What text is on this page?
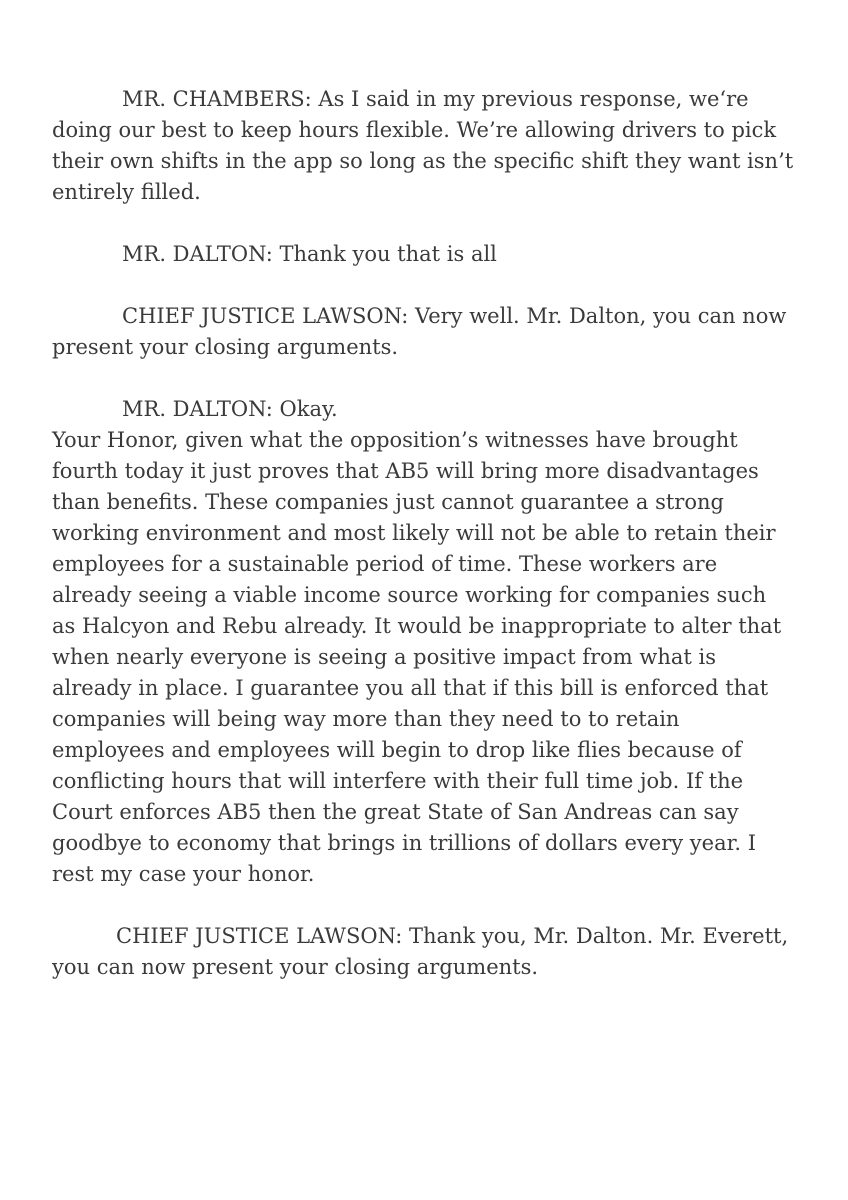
MR. CHAMBERS: As I said in my previous response, we‘re doing our best to keep hours flexible. We’re allowing drivers to pick their own shifts in the app so long as the specific shift they want isn’t entirely filled.

MR. DALTON: Thank you that is all

CHIEF JUSTICE LAWSON: Very well. Mr. Dalton, you can now present your closing arguments.

MR. DALTON: Okay.

Your Honor, given what the opposition’s witnesses have brought fourth today it just proves that AB5 will bring more disadvantages than benefits. These companies just cannot guarantee a strong working environment and most likely will not be able to retain their employees for a sustainable period of time. These workers are already seeing a viable income source working for companies such as Halcyon and Rebu already. It would be inappropriate to alter that when nearly everyone is seeing a positive impact from what is already in place. I guarantee you all that if this bill is enforced that companies will being way more than they need to to retain employees and employees will begin to drop like flies because of conflicting hours that will interfere with their full time job. If the Court enforces AB5 then the great State of San Andreas can say goodbye to economy that brings in trillions of dollars every year. I rest my case your honor.

CHIEF JUSTICE LAWSON: Thank you, Mr. Dalton. Mr. Everett, you can now present your closing arguments.
